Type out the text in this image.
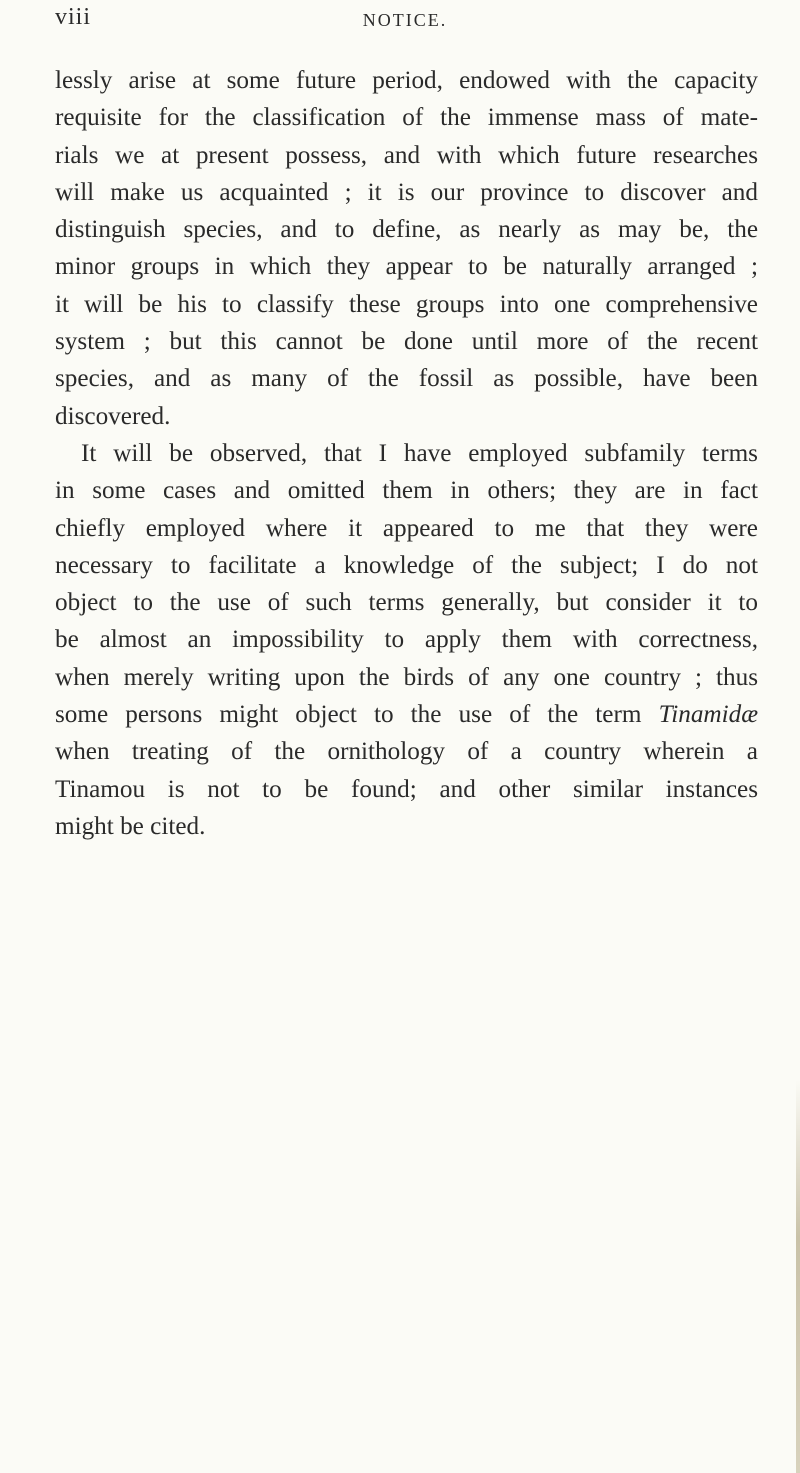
viii	NOTICE.
lessly arise at some future period, endowed with the capacity
requisite for the classification of the immense mass of mate-
rials we at present possess, and with which future researches
will make us acquainted ; it is our province to discover and
distinguish species, and to define, as nearly as may be, the
minor groups in which they appear to be naturally arranged ;
it will be his to classify these groups into one comprehensive
system ; but this cannot be done until more of the recent
species, and as many of the fossil as possible, have been
discovered.
It will be observed, that I have employed subfamily terms
in some cases and omitted them in others; they are in fact
chiefly employed where it appeared to me that they were
necessary to facilitate a knowledge of the subject; I do not
object to the use of such terms generally, but consider it to
be almost an impossibility to apply them with correctness,
when merely writing upon the birds of any one country ; thus
some persons might object to the use of the term Tinamidæ
when treating of the ornithology of a country wherein a
Tinamou is not to be found; and other similar instances
might be cited.
